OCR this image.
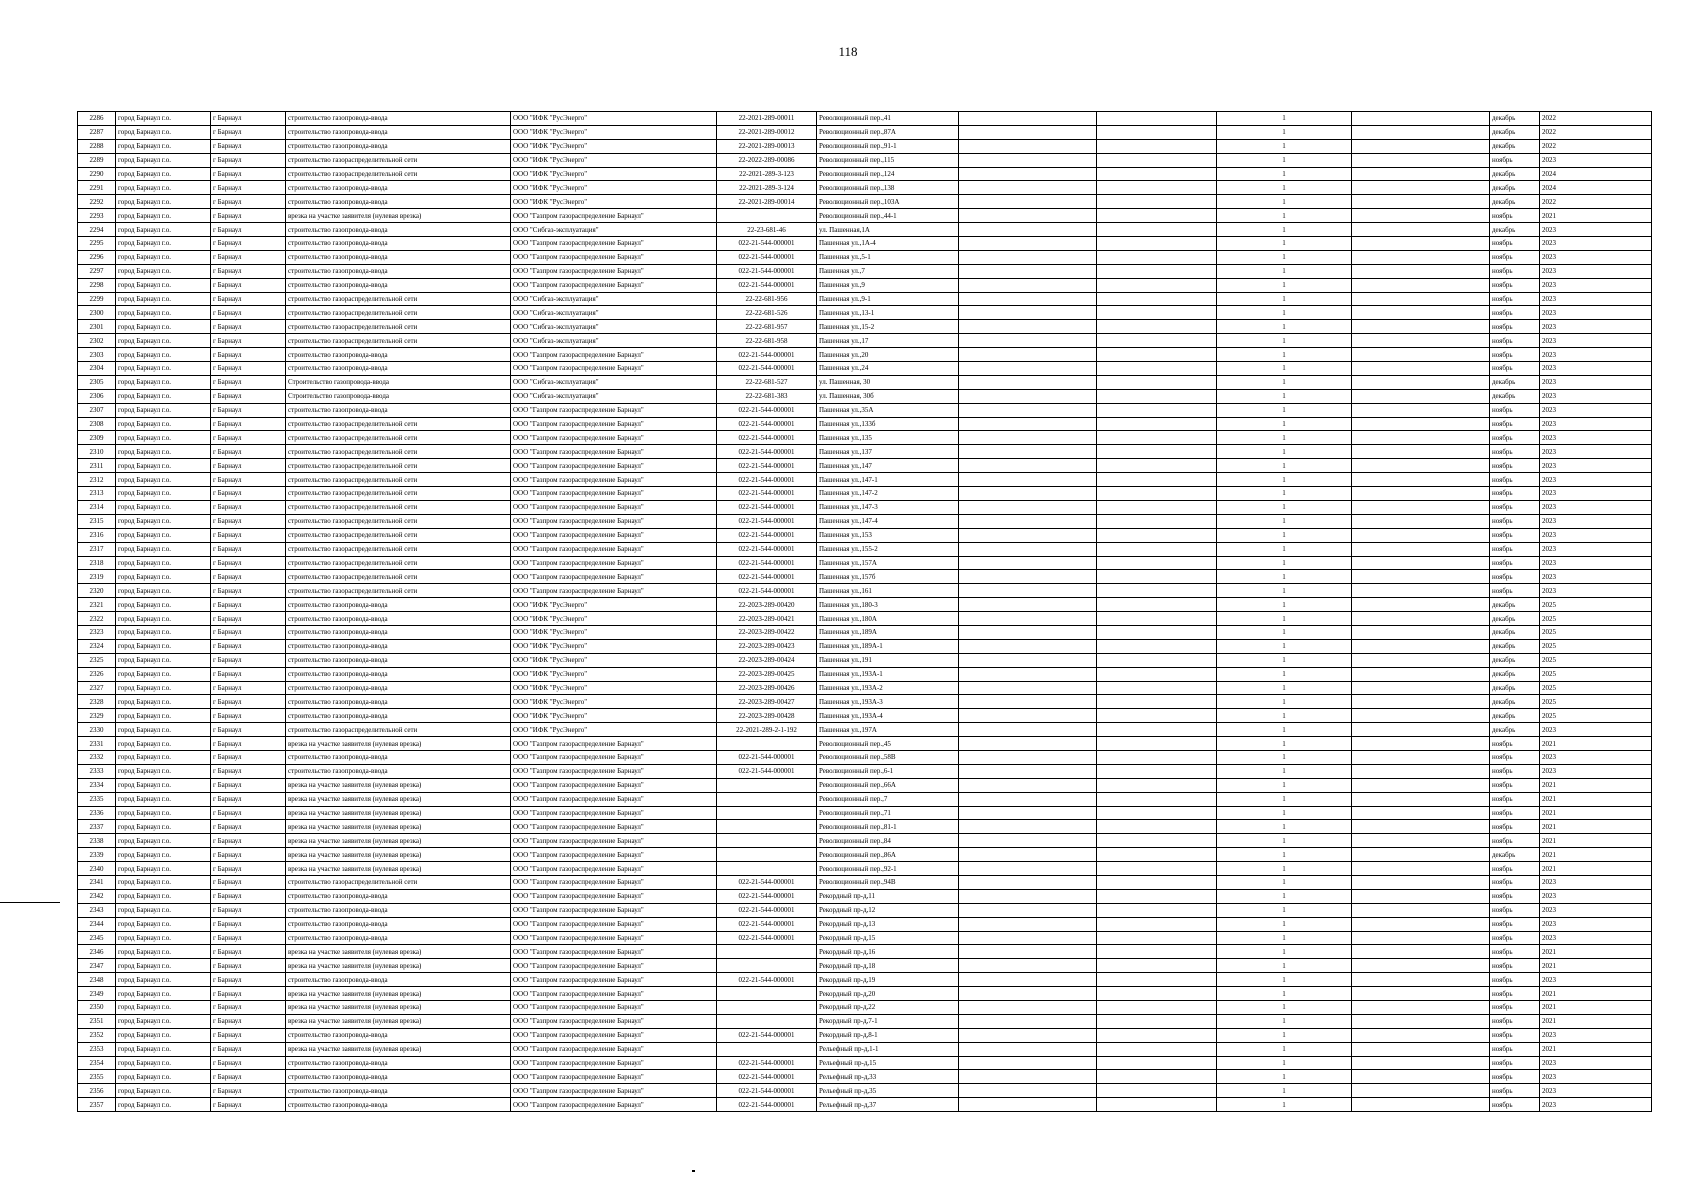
118
2286	город Барнаул г.о.	г Барнаул	строительство газопровода-ввода	ООО "ИФК "РусЭнерго"	22-2021-289-00011	Революционный пер.,41			1		декабрь	2022
2287	город Барнаул г.о.	г Барнаул	строительство газопровода-ввода	ООО "ИФК "РусЭнерго"	22-2021-289-00012	Революционный пер.,87А			1		декабрь	2022
2288	город Барнаул г.о.	г Барнаул	строительство газопровода-ввода	ООО "ИФК "РусЭнерго"	22-2021-289-00013	Революционный пер.,91-1			1		декабрь	2022
2289	город Барнаул г.о.	г Барнаул	строительство газораспределительной сети	ООО "ИФК "РусЭнерго"	22-2022-289-00086	Революционный пер.,115			1		ноябрь	2023
2290	город Барнаул г.о.	г Барнаул	строительство газораспределительной сети	ООО "ИФК "РусЭнерго"	22-2021-289-3-123	Революционный пер.,124			1		декабрь	2024
2291	город Барнаул г.о.	г Барнаул	строительство газопровода-ввода	ООО "ИФК "РусЭнерго"	22-2021-289-3-124	Революционный пер.,138			1		декабрь	2024
2292	город Барнаул г.о.	г Барнаул	строительство газопровода-ввода	ООО "ИФК "РусЭнерго"	22-2021-289-00014	Революционный пер.,103А			1		декабрь	2022
2293	город Барнаул г.о.	г Барнаул	врезка на участке заявителя (нулевая врезка)	ООО "Газпром газораспределение Барнаул"		Революционный пер.,44-1			1		ноябрь	2021
2294	город Барнаул г.о.	г Барнаул	строительство газопровода-ввода	ООО "Сибгаз-эксплуатация"	22-23-681-46	ул. Пашенная,1А			1		декабрь	2023
2295	город Барнаул г.о.	г Барнаул	строительство газопровода-ввода	ООО "Газпром газораспределение Барнаул"	022-21-544-000001	Пашенная ул.,1А-4			1		ноябрь	2023
2296	город Барнаул г.о.	г Барнаул	строительство газопровода-ввода	ООО "Газпром газораспределение Барнаул"	022-21-544-000001	Пашенная ул.,5-1			1		ноябрь	2023
2297	город Барнаул г.о.	г Барнаул	строительство газопровода-ввода	ООО "Газпром газораспределение Барнаул"	022-21-544-000001	Пашенная ул.,7			1		ноябрь	2023
2298	город Барнаул г.о.	г Барнаул	строительство газопровода-ввода	ООО "Газпром газораспределение Барнаул"	022-21-544-000001	Пашенная ул.,9			1		ноябрь	2023
2299	город Барнаул г.о.	г Барнаул	строительство газораспределительной сети	ООО "Сибгаз-эксплуатация"	22-22-681-956	Пашенная ул.,9-1			1		ноябрь	2023
2300	город Барнаул г.о.	г Барнаул	строительство газораспределительной сети	ООО "Сибгаз-эксплуатация"	22-22-681-526	Пашенная ул.,13-1			1		ноябрь	2023
2301	город Барнаул г.о.	г Барнаул	строительство газораспределительной сети	ООО "Сибгаз-эксплуатация"	22-22-681-957	Пашенная ул.,15-2			1		ноябрь	2023
2302	город Барнаул г.о.	г Барнаул	строительство газораспределительной сети	ООО "Сибгаз-эксплуатация"	22-22-681-958	Пашенная ул.,17			1		ноябрь	2023
2303	город Барнаул г.о.	г Барнаул	строительство газопровода-ввода	ООО "Газпром газораспределение Барнаул"	022-21-544-000001	Пашенная ул.,20			1		ноябрь	2023
2304	город Барнаул г.о.	г Барнаул	строительство газопровода-ввода	ООО "Газпром газораспределение Барнаул"	022-21-544-000001	Пашенная ул.,24			1		ноябрь	2023
2305	город Барнаул г.о.	г Барнаул	Строительство газопровода-ввода	ООО "Сибгаз-эксплуатация"	22-22-681-527	ул. Пашенная, 30			1		декабрь	2023
2306	город Барнаул г.о.	г Барнаул	Строительство газопровода-ввода	ООО "Сибгаз-эксплуатация"	22-22-681-383	ул. Пашенная, 30б			1		декабрь	2023
2307	город Барнаул г.о.	г Барнаул	строительство газопровода-ввода	ООО "Газпром газораспределение Барнаул"	022-21-544-000001	Пашенная ул.,35А			1		ноябрь	2023
2308	город Барнаул г.о.	г Барнаул	строительство газораспределительной сети	ООО "Газпром газораспределение Барнаул"	022-21-544-000001	Пашенная ул.,133б			1		ноябрь	2023
2309	город Барнаул г.о.	г Барнаул	строительство газораспределительной сети	ООО "Газпром газораспределение Барнаул"	022-21-544-000001	Пашенная ул.,135			1		ноябрь	2023
2310	город Барнаул г.о.	г Барнаул	строительство газораспределительной сети	ООО "Газпром газораспределение Барнаул"	022-21-544-000001	Пашенная ул.,137			1		ноябрь	2023
2311	город Барнаул г.о.	г Барнаул	строительство газораспределительной сети	ООО "Газпром газораспределение Барнаул"	022-21-544-000001	Пашенная ул.,147			1		ноябрь	2023
2312	город Барнаул г.о.	г Барнаул	строительство газораспределительной сети	ООО "Газпром газораспределение Барнаул"	022-21-544-000001	Пашенная ул.,147-1			1		ноябрь	2023
2313	город Барнаул г.о.	г Барнаул	строительство газораспределительной сети	ООО "Газпром газораспределение Барнаул"	022-21-544-000001	Пашенная ул.,147-2			1		ноябрь	2023
2314	город Барнаул г.о.	г Барнаул	строительство газораспределительной сети	ООО "Газпром газораспределение Барнаул"	022-21-544-000001	Пашенная ул.,147-3			1		ноябрь	2023
2315	город Барнаул г.о.	г Барнаул	строительство газораспределительной сети	ООО "Газпром газораспределение Барнаул"	022-21-544-000001	Пашенная ул.,147-4			1		ноябрь	2023
2316	город Барнаул г.о.	г Барнаул	строительство газораспределительной сети	ООО "Газпром газораспределение Барнаул"	022-21-544-000001	Пашенная ул.,153			1		ноябрь	2023
2317	город Барнаул г.о.	г Барнаул	строительство газораспределительной сети	ООО "Газпром газораспределение Барнаул"	022-21-544-000001	Пашенная ул.,155-2			1		ноябрь	2023
2318	город Барнаул г.о.	г Барнаул	строительство газораспределительной сети	ООО "Газпром газораспределение Барнаул"	022-21-544-000001	Пашенная ул.,157А			1		ноябрь	2023
2319	город Барнаул г.о.	г Барнаул	строительство газораспределительной сети	ООО "Газпром газораспределение Барнаул"	022-21-544-000001	Пашенная ул.,157б			1		ноябрь	2023
2320	город Барнаул г.о.	г Барнаул	строительство газораспределительной сети	ООО "Газпром газораспределение Барнаул"	022-21-544-000001	Пашенная ул.,161			1		ноябрь	2023
2321	город Барнаул г.о.	г Барнаул	строительство газопровода-ввода	ООО "ИФК "РусЭнерго"	22-2023-289-00420	Пашенная ул.,180-3			1		декабрь	2025
2322	город Барнаул г.о.	г Барнаул	строительство газопровода-ввода	ООО "ИФК "РусЭнерго"	22-2023-289-00421	Пашенная ул.,180А			1		декабрь	2025
2323	город Барнаул г.о.	г Барнаул	строительство газопровода-ввода	ООО "ИФК "РусЭнерго"	22-2023-289-00422	Пашенная ул.,189А			1		декабрь	2025
2324	город Барнаул г.о.	г Барнаул	строительство газопровода-ввода	ООО "ИФК "РусЭнерго"	22-2023-289-00423	Пашенная ул.,189А-1			1		декабрь	2025
2325	город Барнаул г.о.	г Барнаул	строительство газопровода-ввода	ООО "ИФК "РусЭнерго"	22-2023-289-00424	Пашенная ул.,191			1		декабрь	2025
2326	город Барнаул г.о.	г Барнаул	строительство газопровода-ввода	ООО "ИФК "РусЭнерго"	22-2023-289-00425	Пашенная ул.,193А-1			1		декабрь	2025
2327	город Барнаул г.о.	г Барнаул	строительство газопровода-ввода	ООО "ИФК "РусЭнерго"	22-2023-289-00426	Пашенная ул.,193А-2			1		декабрь	2025
2328	город Барнаул г.о.	г Барнаул	строительство газопровода-ввода	ООО "ИФК "РусЭнерго"	22-2023-289-00427	Пашенная ул.,193А-3			1		декабрь	2025
2329	город Барнаул г.о.	г Барнаул	строительство газопровода-ввода	ООО "ИФК "РусЭнерго"	22-2023-289-00428	Пашенная ул.,193А-4			1		декабрь	2025
2330	город Барнаул г.о.	г Барнаул	строительство газораспределительной сети	ООО "ИФК "РусЭнерго"	22-2021-289-2-1-192	Пашенная ул.,197А			1		декабрь	2023
2331	город Барнаул г.о.	г Барнаул	врезка на участке заявителя (нулевая врезка)	ООО "Газпром газораспределение Барнаул"		Революционный пер.,45			1		ноябрь	2021
2332	город Барнаул г.о.	г Барнаул	строительство газопровода-ввода	ООО "Газпром газораспределение Барнаул"	022-21-544-000001	Революционный пер.,58В			1		ноябрь	2023
2333	город Барнаул г.о.	г Барнаул	строительство газопровода-ввода	ООО "Газпром газораспределение Барнаул"	022-21-544-000001	Революционный пер.,6-1			1		ноябрь	2023
2334	город Барнаул г.о.	г Барнаул	врезка на участке заявителя (нулевая врезка)	ООО "Газпром газораспределение Барнаул"		Революционный пер.,66А			1		ноябрь	2021
2335	город Барнаул г.о.	г Барнаул	врезка на участке заявителя (нулевая врезка)	ООО "Газпром газораспределение Барнаул"		Революционный пер.,7			1		ноябрь	2021
2336	город Барнаул г.о.	г Барнаул	врезка на участке заявителя (нулевая врезка)	ООО "Газпром газораспределение Барнаул"		Революционный пер.,71			1		ноябрь	2021
2337	город Барнаул г.о.	г Барнаул	врезка на участке заявителя (нулевая врезка)	ООО "Газпром газораспределение Барнаул"		Революционный пер.,81-1			1		ноябрь	2021
2338	город Барнаул г.о.	г Барнаул	врезка на участке заявителя (нулевая врезка)	ООО "Газпром газораспределение Барнаул"		Революционный пер.,84			1		ноябрь	2021
2339	город Барнаул г.о.	г Барнаул	врезка на участке заявителя (нулевая врезка)	ООО "Газпром газораспределение Барнаул"		Революционный пер.,86А			1		декабрь	2021
2340	город Барнаул г.о.	г Барнаул	врезка на участке заявителя (нулевая врезка)	ООО "Газпром газораспределение Барнаул"		Революционный пер.,92-1			1		ноябрь	2021
2341	город Барнаул г.о.	г Барнаул	строительство газораспределительной сети	ООО "Газпром газораспределение Барнаул"	022-21-544-000001	Революционный пер.,94В			1		ноябрь	2023
2342	город Барнаул г.о.	г Барнаул	строительство газопровода-ввода	ООО "Газпром газораспределение Барнаул"	022-21-544-000001	Рекордный пр-д,11			1		ноябрь	2023
2343	город Барнаул г.о.	г Барнаул	строительство газопровода-ввода	ООО "Газпром газораспределение Барнаул"	022-21-544-000001	Рекордный пр-д,12			1		ноябрь	2023
2344	город Барнаул г.о.	г Барнаул	строительство газопровода-ввода	ООО "Газпром газораспределение Барнаул"	022-21-544-000001	Рекордный пр-д,13			1		ноябрь	2023
2345	город Барнаул г.о.	г Барнаул	строительство газопровода-ввода	ООО "Газпром газораспределение Барнаул"	022-21-544-000001	Рекордный пр-д,15			1		ноябрь	2023
2346	город Барнаул г.о.	г Барнаул	врезка на участке заявителя (нулевая врезка)	ООО "Газпром газораспределение Барнаул"		Рекордный пр-д,16			1		ноябрь	2021
2347	город Барнаул г.о.	г Барнаул	врезка на участке заявителя (нулевая врезка)	ООО "Газпром газораспределение Барнаул"		Рекордный пр-д,18			1		ноябрь	2021
2348	город Барнаул г.о.	г Барнаул	строительство газопровода-ввода	ООО "Газпром газораспределение Барнаул"	022-21-544-000001	Рекордный пр-д,19			1		ноябрь	2023
2349	город Барнаул г.о.	г Барнаул	врезка на участке заявителя (нулевая врезка)	ООО "Газпром газораспределение Барнаул"		Рекордный пр-д,20			1		ноябрь	2021
2350	город Барнаул г.о.	г Барнаул	врезка на участке заявителя (нулевая врезка)	ООО "Газпром газораспределение Барнаул"		Рекордный пр-д,22			1		ноябрь	2021
2351	город Барнаул г.о.	г Барнаул	врезка на участке заявителя (нулевая врезка)	ООО "Газпром газораспределение Барнаул"		Рекордный пр-д,7-1			1		ноябрь	2021
2352	город Барнаул г.о.	г Барнаул	строительство газопровода-ввода	ООО "Газпром газораспределение Барнаул"	022-21-544-000001	Рекордный пр-д,8-1			1		ноябрь	2023
2353	город Барнаул г.о.	г Барнаул	врезка на участке заявителя (нулевая врезка)	ООО "Газпром газораспределение Барнаул"		Рельефный пр-д,1-1			1		ноябрь	2021
2354	город Барнаул г.о.	г Барнаул	строительство газопровода-ввода	ООО "Газпром газораспределение Барнаул"	022-21-544-000001	Рельефный пр-д,15			1		ноябрь	2023
2355	город Барнаул г.о.	г Барнаул	строительство газопровода-ввода	ООО "Газпром газораспределение Барнаул"	022-21-544-000001	Рельефный пр-д,33			1		ноябрь	2023
2356	город Барнаул г.о.	г Барнаул	строительство газопровода-ввода	ООО "Газпром газораспределение Барнаул"	022-21-544-000001	Рельефный пр-д,35			1		ноябрь	2023
2357	город Барнаул г.о.	г Барнаул	строительство газопровода-ввода	ООО "Газпром газораспределение Барнаул"	022-21-544-000001	Рельефный пр-д,37			1		ноябрь	2023
